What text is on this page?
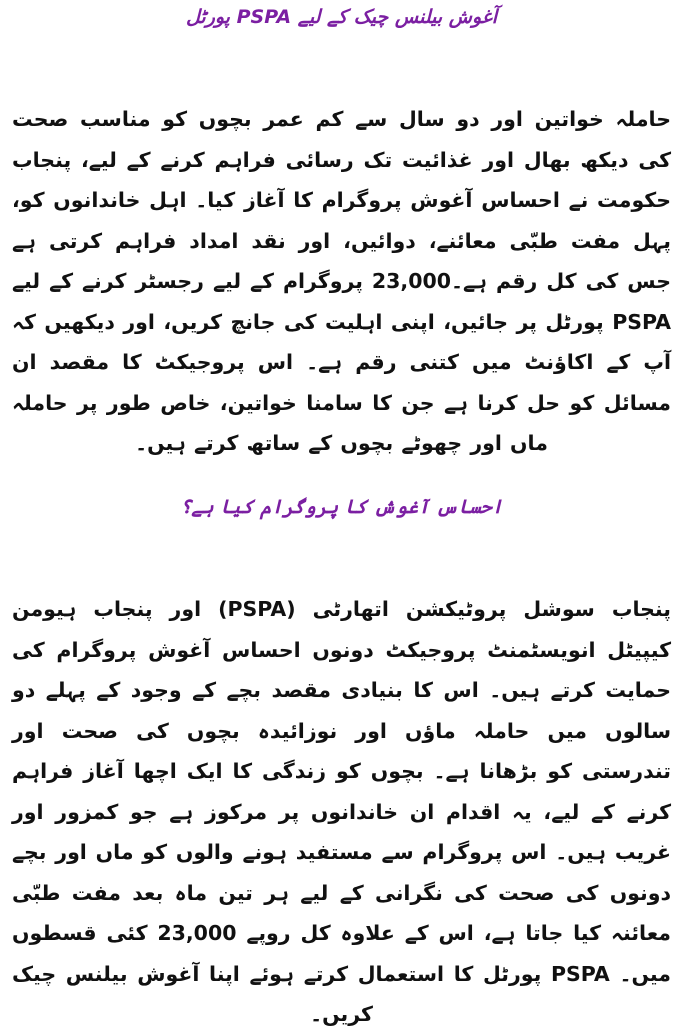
آغوش بیلنس چیک کے لیے PSPA پورٹل

حاملہ خواتین اور دو سال سے کم عمر بچوں کو مناسب صحت کی دیکھ بھال اور غذائیت تک رسائی فراہم کرنے کے لیے، پنجاب حکومت نے احساس آغوش پروگرام کا آغاز کیا۔ اہل خاندانوں کو، پہل مفت طبّی معائنے، دوائیں، اور نقد امداد فراہم کرتی ہے جس کی کل رقم ہے۔23,000 پروگرام کے لیے رجسٹر کرنے کے لیے PSPA پورٹل پر جائیں، اپنی اہلیت کی جانچ کریں، اور دیکھیں کہ آپ کے اکاؤنٹ میں کتنی رقم ہے۔ اس پروجیکٹ کا مقصد ان مسائل کو حل کرنا ہے جن کا سامنا خواتین، خاص طور پر حاملہ ماں اور چھوٹے بچوں کے ساتھ کرتے ہیں۔

احساس آغوش کا پروگرام کیا ہے؟

پنجاب سوشل پروٹیکشن اتھارٹی (PSPA) اور پنجاب ہیومن کیپیٹل انویسٹمنٹ پروجیکٹ دونوں احساس آغوش پروگرام کی حمایت کرتے ہیں۔ اس کا بنیادی مقصد بچے کے وجود کے پہلے دو سالوں میں حاملہ ماؤں اور نوزائیدہ بچوں کی صحت اور تندرستی کو بڑھانا ہے۔ بچوں کو زندگی کا ایک اچھا آغاز فراہم کرنے کے لیے، یہ اقدام ان خاندانوں پر مرکوز ہے جو کمزور اور غریب ہیں۔ اس پروگرام سے مستفید ہونے والوں کو ماں اور بچے دونوں کی صحت کی نگرانی کے لیے ہر تین ماہ بعد مفت طبّی معائنہ کیا جاتا ہے، اس کے علاوہ کل روپے 23,000 کئی قسطوں میں۔ PSPA پورٹل کا استعمال کرتے ہوئے اپنا آغوش بیلنس چیک کریں۔
